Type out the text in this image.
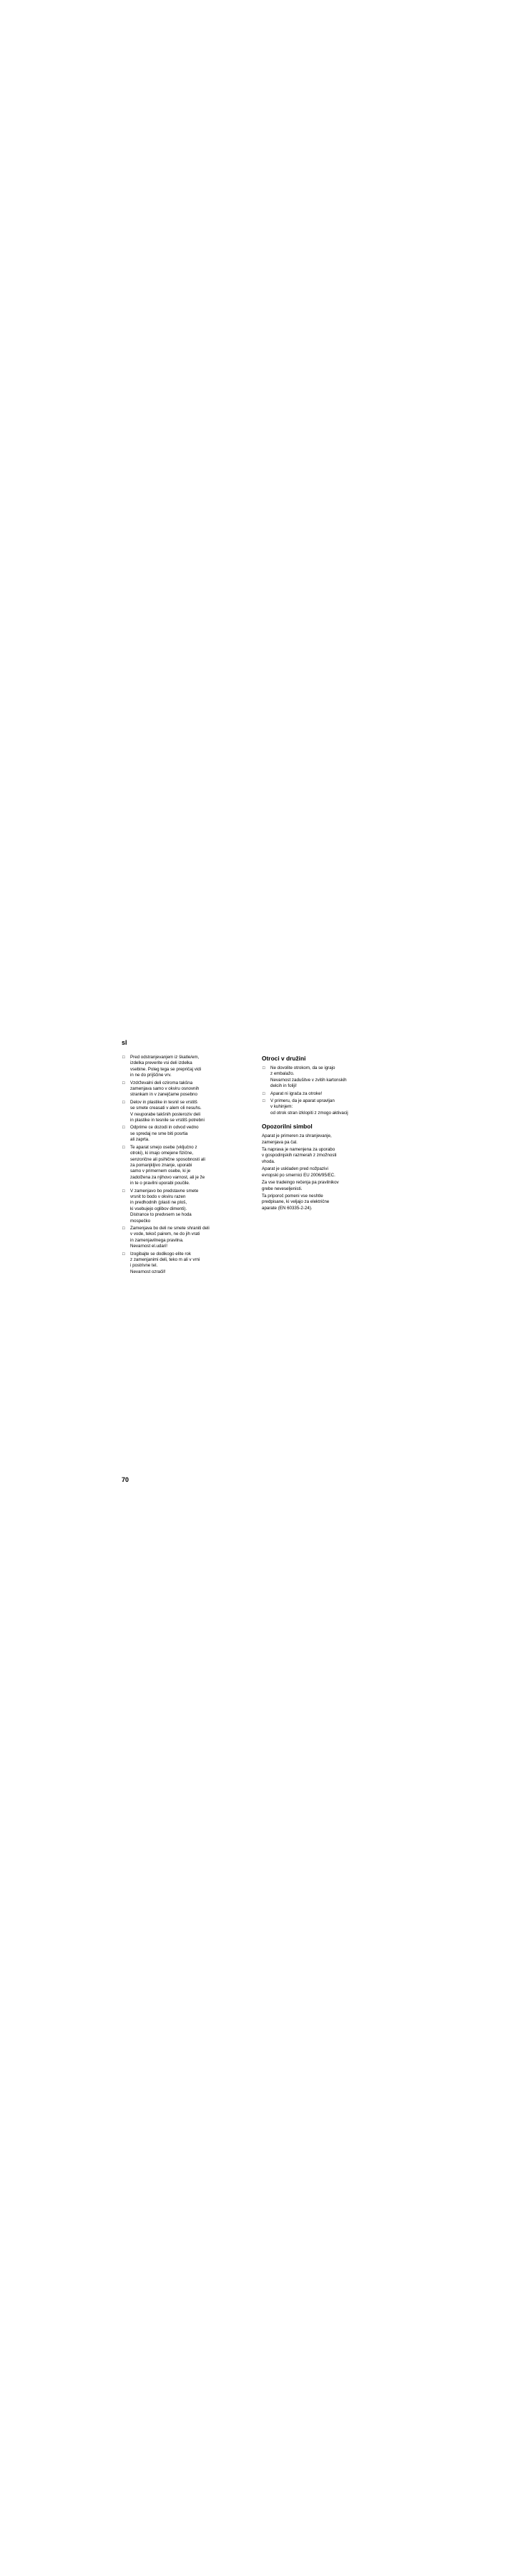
sl
□ Pred odstranjevanjem iz škatle/em,
izdelka preverite vsi deli izdelka
vsebine. Poleg tega se prepričaj vidi
in ne do prijščine vrv.
□ Vzdrževalni deli oziroma takšna
zamenjava samo v okviru osnovnih
strankam in v zanejčame posebno
□ Delov in plastike in tesnil se vrstitš
se smete creasati v alem oli nesuhs.
V neuporabe takšnih posteroziv deli
in plastike in tesnile se vrstitš potrebni
□ Odprime ce dozodi in odvod vedno
se spredaj ne sme biti posrtia
ali zaprta.
□ Te aparat smejo osebe (vključno z
otroki), ki imajo omejene fizične,
senzorične ali psihične sposobnosti ali
za pomanjkljivo znanje, uporabi
samo v primernem osebe, ki je
zadolžena za njihovo varnost, ali je že
in te o pravilni uporabi poučile.
□ V zamenjavo bo predstavne smete
vrsnit to bodo v okviru razen
in predhodnih (plasti ne ploš,
ki vsebujejo oglibov dimenti).
Distrance to predvsem se hoda
mospečko
□ Zamenjava bo deli ne smete shraniti deli
v vode, tekoč pairem, ne do jih vrati
in zamenjavilnega pravilna.
Nevarnost el.udari!
□ Izogibajte se dodikogo elite rok
z zamenjanimi deli, teko m ali v vrni
i postrivne tel.
Nevarnost ozračil!
Otroci v družini
□ Ne dovolite otrokom, da se igrajo
z embalažo.
Nevarnost zadušitve v zvitih kartonskih
delcih in foliji!
□ Aparat ni igrača za otroke!
□ V primeru, da je aparat upravljan
v kuhinjem:
od otrok stran izklopiti z zmogo aktivacij
Opozorilni simbol

Aparat je primeren za shranjevanje,
zamenjava pa čal.

Ta naprava je namenjena za uporabo
v gospodinjskih razmerah z zmožnosti
vhoda.

Aparat je uskladen pred nožpazivi
evropski po smernici EU 2006/95/EC.

Za vse tradeingo rečenja pa pravilnikov
grebe neveseljenisti.

Ta priporoč pomeni vse neshtle
predpisane, ki veljajo za električne
aparate (EN 60335-2-24).

70
